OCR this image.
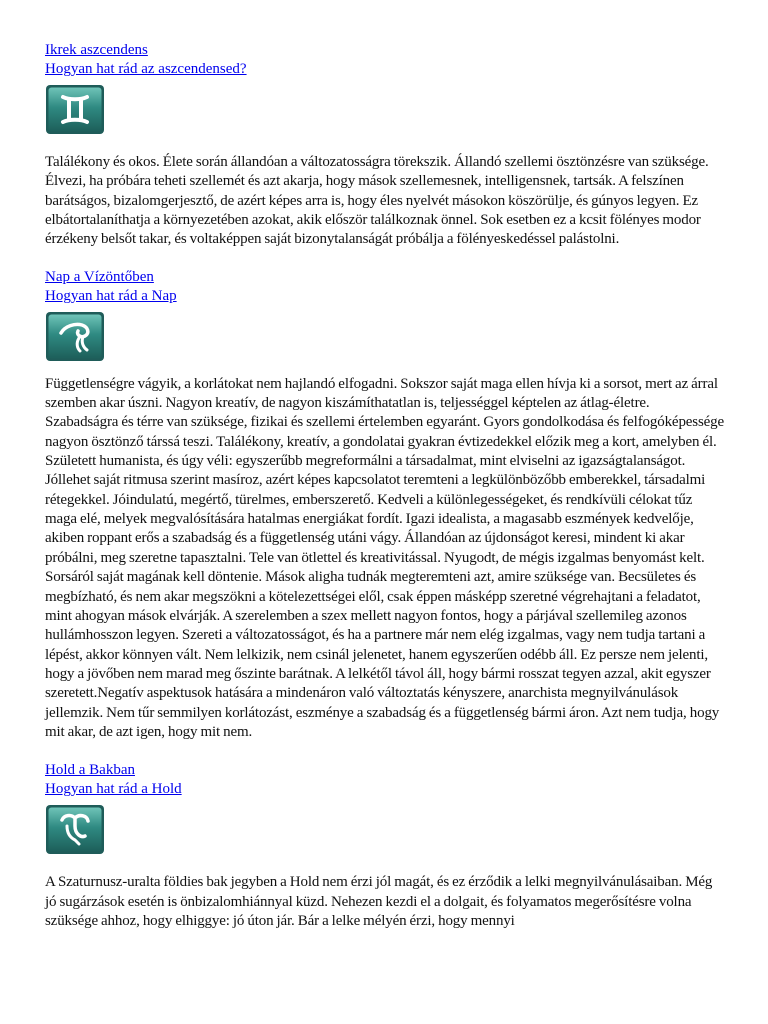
Ikrek aszcendens
Hogyan hat rád az aszcendensed?

Találékony és okos. Élete során állandóan a változatosságra törekszik. Állandó szellemi ösztönzésre van szüksége. Élvezi, ha próbára teheti szellemét és azt akarja, hogy mások szellemesnek, intelligensnek, tartsák. A felszínen barátságos, bizalomgerjesztő, de azért képes arra is, hogy éles nyelvét másokon köszörülje, és gúnyos legyen. Ez elbátortalaníthatja a környezetében azokat, akik először találkoznak önnel. Sok esetben ez a kcsit fölényes modor érzékeny belsőt takar, és voltaképpen saját bizonytalanságát próbálja a fölényeskedéssel palástolni.

Nap a Vízöntőben
Hogyan hat rád a Nap

Függetlenségre vágyik, a korlátokat nem hajlandó elfogadni. Sokszor saját maga ellen hívja ki a sorsot, mert az árral szemben akar úszni. Nagyon kreatív, de nagyon kiszámíthatatlan is, teljességgel képtelen az átlag-életre. Szabadságra és térre van szüksége, fizikai és szellemi értelemben egyaránt. Gyors gondolkodása és felfogóképessége nagyon ösztönző társsá teszi. Találékony, kreatív, a gondolatai gyakran évtizedekkel előzik meg a kort, amelyben él. Született humanista, és úgy véli: egyszerűbb megreformálni a társadalmat, mint elviselni az igazságtalanságot. Jóllehet saját ritmusa szerint masíroz, azért képes kapcsolatot teremteni a legkülönbözőbb emberekkel, társadalmi rétegekkel. Jóindulatú, megértő, türelmes, emberszerető. Kedveli a különlegességeket, és rendkívüli célokat tűz maga elé, melyek megvalósítására hatalmas energiákat fordít. Igazi idealista, a magasabb eszmények kedvelője, akiben roppant erős a szabadság és a függetlenség utáni vágy. Állandóan az újdonságot keresi, mindent ki akar próbálni, meg szeretne tapasztalni. Tele van ötlettel és kreativitással. Nyugodt, de mégis izgalmas benyomást kelt. Sorsáról saját magának kell döntenie. Mások aligha tudnák megteremteni azt, amire szüksége van. Becsületes és megbízható, és nem akar megszökni a kötelezettségei elől, csak éppen másképp szeretné végrehajtani a feladatot, mint ahogyan mások elvárják. A szerelemben a szex mellett nagyon fontos, hogy a párjával szellemileg azonos hullámhosszon legyen. Szereti a változatosságot, és ha a partnere már nem elég izgalmas, vagy nem tudja tartani a lépést, akkor könnyen vált. Nem lelkizik, nem csinál jelenetet, hanem egyszerűen odébb áll. Ez persze nem jelenti, hogy a jövőben nem marad meg őszinte barátnak. A lelkétől távol áll, hogy bármi rosszat tegyen azzal, akit egyszer szeretett.Negatív aspektusok hatására a mindenáron való változtatás kényszere, anarchista megnyilvánulások jellemzik. Nem tűr semmilyen korlátozást, eszménye a szabadság és a függetlenség bármi áron. Azt nem tudja, hogy mit akar, de azt igen, hogy mit nem.

Hold a Bakban
Hogyan hat rád a Hold

A Szaturnusz-uralta földies bak jegyben a Hold nem érzi jól magát, és ez érződik a lelki megnyilvánulásaiban. Még jó sugárzások esetén is önbizalomhiánnyal küzd. Nehezen kezdi el a dolgait, és folyamatos megerősítésre volna szüksége ahhoz, hogy elhiggye: jó úton jár. Bár a lelke mélyén érzi, hogy mennyi
